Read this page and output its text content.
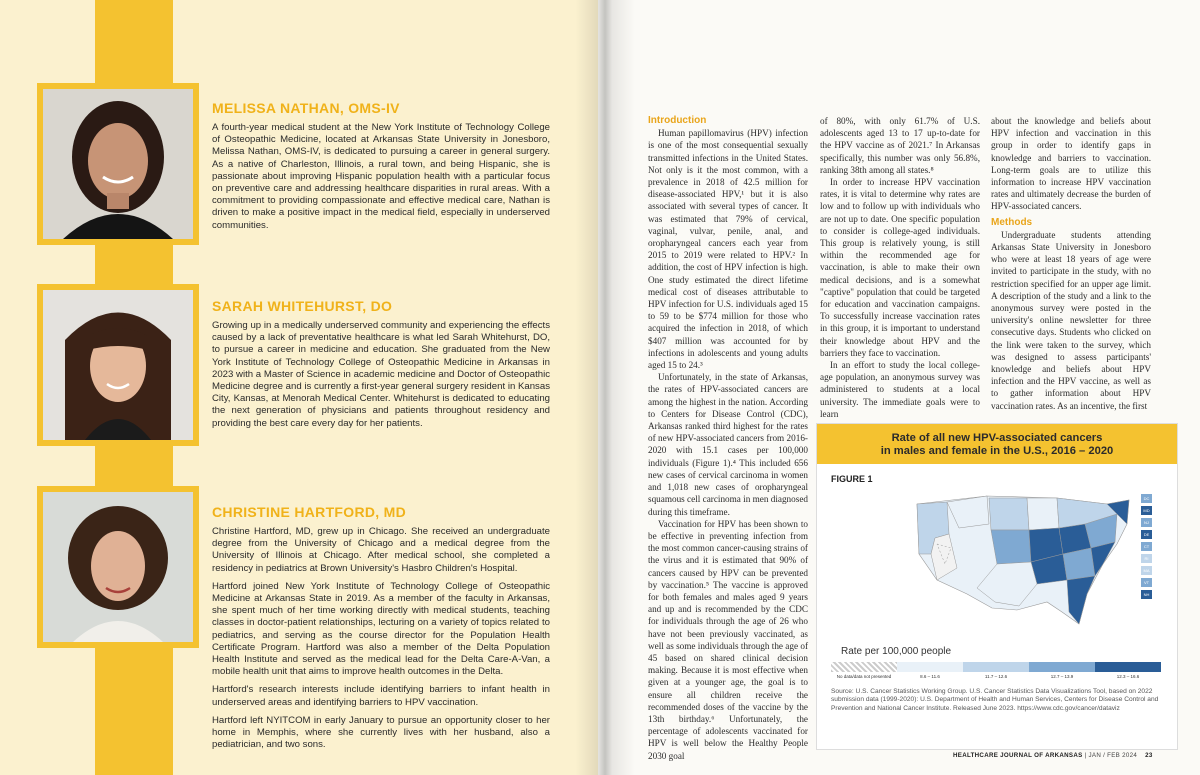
MELISSA NATHAN, OMS-IV

A fourth-year medical student at the New York Institute of Technology College of Osteopathic Medicine, located at Arkansas State University in Jonesboro, Melissa Nathan, OMS-IV, is dedicated to pursuing a career in general surgery. As a native of Charleston, Illinois, a rural town, and being Hispanic, she is passionate about improving Hispanic population health with a particular focus on preventive care and addressing healthcare disparities in rural areas. With a commitment to providing compassionate and effective medical care, Nathan is driven to make a positive impact in the medical field, especially in underserved communities.

SARAH WHITEHURST, DO

Growing up in a medically underserved community and experiencing the effects caused by a lack of preventative healthcare is what led Sarah Whitehurst, DO, to pursue a career in medicine and education. She graduated from the New York Institute of Technology College of Osteopathic Medicine in Arkansas in 2023 with a Master of Science in academic medicine and Doctor of Osteopathic Medicine degree and is currently a first-year general surgery resident in Kansas City, Kansas, at Menorah Medical Center. Whitehurst is dedicated to educating the next generation of physicians and patients throughout residency and providing the best care every day for her patients.

CHRISTINE HARTFORD, MD

Christine Hartford, MD, grew up in Chicago. She received an undergraduate degree from the University of Chicago and a medical degree from the University of Illinois at Chicago. After medical school, she completed a residency in pediatrics at Brown University's Hasbro Children's Hospital.

Hartford joined New York Institute of Technology College of Osteopathic Medicine at Arkansas State in 2019. As a member of the faculty in Arkansas, she spent much of her time working directly with medical students, teaching classes in doctor-patient relationships, lecturing on a variety of topics related to pediatrics, and serving as the course director for the Population Health Certificate Program. Hartford was also a member of the Delta Population Health Institute and served as the medical lead for the Delta Care-A-Van, a mobile health unit that aims to improve health outcomes in the Delta.

Hartford's research interests include identifying barriers to infant health in underserved areas and identifying barriers to HPV vaccination.

Hartford left NYITCOM in early January to pursue an opportunity closer to her home in Memphis, where she currently lives with her husband, also a pediatrician, and two sons.

Introduction

Human papillomavirus (HPV) infection is one of the most consequential sexually transmitted infections in the United States. Not only is it the most common, with a prevalence in 2018 of 42.5 million for disease-associated HPV,¹ but it is also associated with several types of cancer. It was estimated that 79% of cervical, vaginal, vulvar, penile, anal, and oropharyngeal cancers each year from 2015 to 2019 were related to HPV.² In addition, the cost of HPV infection is high. One study estimated the direct lifetime medical cost of diseases attributable to HPV infection for U.S. individuals aged 15 to 59 to be $774 million for those who acquired the infection in 2018, of which $407 million was accounted for by infections in adolescents and young adults aged 15 to 24.³

Unfortunately, in the state of Arkansas, the rates of HPV-associated cancers are among the highest in the nation. According to Centers for Disease Control (CDC), Arkansas ranked third highest for the rates of new HPV-associated cancers from 2016-2020 with 15.1 cases per 100,000 individuals (Figure 1).⁴ This included 656 new cases of cervical carcinoma in women and 1,018 new cases of oropharyngeal squamous cell carcinoma in men diagnosed during this timeframe.

Vaccination for HPV has been shown to be effective in preventing infection from the most common cancer-causing strains of the virus and it is estimated that 90% of cancers caused by HPV can be prevented by vaccination.⁵ The vaccine is approved for both females and males aged 9 years and up and is recommended by the CDC for individuals through the age of 26 who have not been previously vaccinated, as well as some individuals through the age of 45 based on shared clinical decision making. Because it is most effective when given at a younger age, the goal is to ensure all children receive the recommended doses of the vaccine by the 13th birthday.⁶ Unfortunately, the percentage of adolescents vaccinated for HPV is well below the Healthy People 2030 goal

of 80%, with only 61.7% of U.S. adolescents aged 13 to 17 up-to-date for the HPV vaccine as of 2021.⁷ In Arkansas specifically, this number was only 56.8%, ranking 38th among all states.⁸

In order to increase HPV vaccination rates, it is vital to determine why rates are low and to follow up with individuals who are not up to date. One specific population to consider is college-aged individuals. This group is relatively young, is still within the recommended age for vaccination, is able to make their own medical decisions, and is a somewhat "captive" population that could be targeted for education and vaccination campaigns. To successfully increase vaccination rates in this group, it is important to understand their knowledge about HPV and the barriers they face to vaccination.

In an effort to study the local college-age population, an anonymous survey was administered to students at a local university. The immediate goals were to learn

about the knowledge and beliefs about HPV infection and vaccination in this group in order to identify gaps in knowledge and barriers to vaccination. Long-term goals are to utilize this information to increase HPV vaccination rates and ultimately decrease the burden of HPV-associated cancers.

Methods

Undergraduate students attending Arkansas State University in Jonesboro who were at least 18 years of age were invited to participate in the study, with no restriction specified for an upper age limit. A description of the study and a link to the anonymous survey were posted in the university's online newsletter for three consecutive days. Students who clicked on the link were taken to the survey, which was designed to assess participants' knowledge and beliefs about HPV infection and the HPV vaccine, as well as to gather information about HPV vaccination rates. As an incentive, the first

Rate of all new HPV-associated cancers
in males and female in the U.S., 2016 – 2020
FIGURE 1
DC
MD
NJ
DE
CT
RI
MA
VT
NH
Rate per 100,000 people
No data/data not presented	8.6 – 11.6	11.7 – 12.6	12.7 – 13.9	12.3 – 16.6
Source: U.S. Cancer Statistics Working Group. U.S. Cancer Statistics Data Visualizations Tool, based on 2022 submission data (1999-2020): U.S. Department of Health and Human Services, Centers for Disease Control and Prevention and National Cancer Institute. Released June 2023. https://www.cdc.gov/cancer/dataviz
HEALTHCARE JOURNAL OF ARKANSAS | JAN / FEB 2024 23
